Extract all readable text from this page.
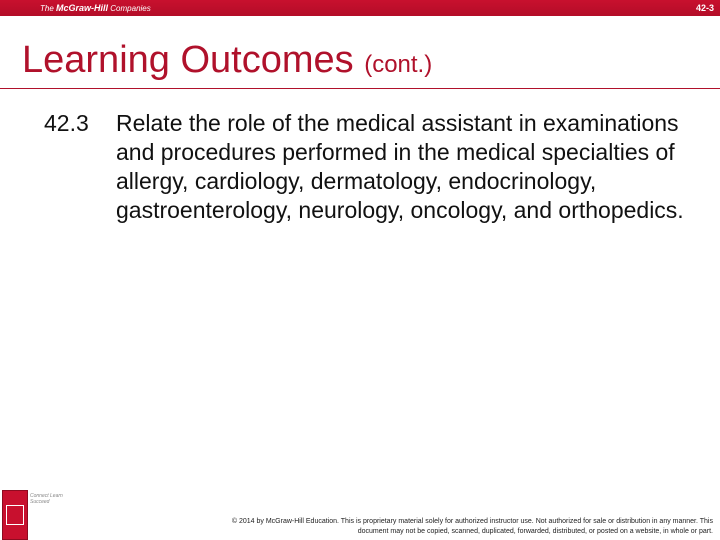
The McGraw-Hill Companies	42-3
Learning Outcomes (cont.)
42.3 Relate the role of the medical assistant in examinations and procedures performed in the medical specialties of allergy, cardiology, dermatology, endocrinology, gastroenterology, neurology, oncology, and orthopedics.
Connect Learn Succeed
© 2014 by McGraw-Hill Education. This is proprietary material solely for authorized instructor use. Not authorized for sale or distribution in any manner. This document may not be copied, scanned, duplicated, forwarded, distributed, or posted on a website, in whole or part.
